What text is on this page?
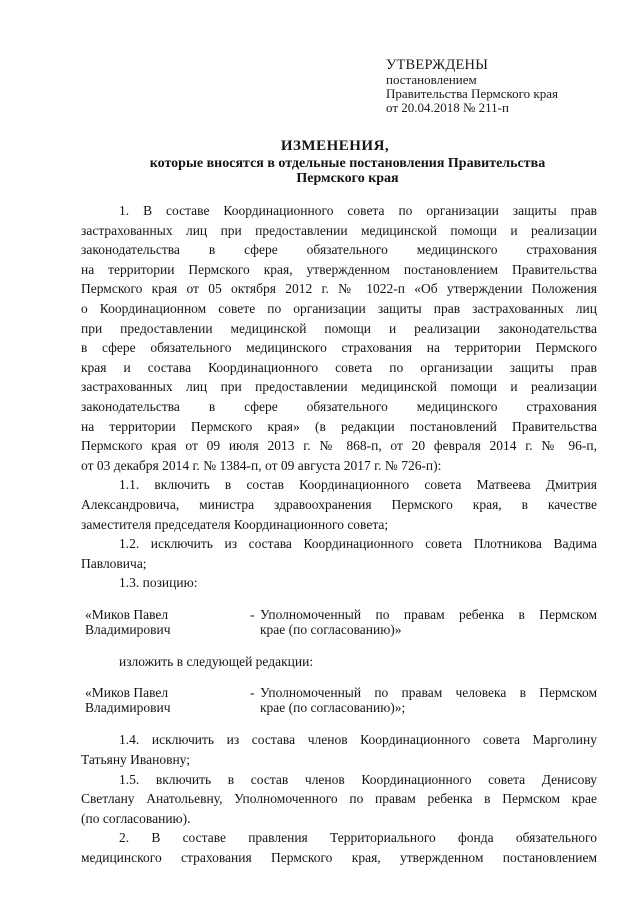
УТВЕРЖДЕНЫ
постановлением
Правительства Пермского края
от 20.04.2018 № 211-п
ИЗМЕНЕНИЯ,
которые вносятся в отдельные постановления Правительства
Пермского края

1. В составе Координационного совета по организации защиты прав

застрахованных лиц при предоставлении медицинской помощи и реализации

законодательства в сфере обязательного медицинского страхования

на территории Пермского края, утвержденном постановлением Правительства

Пермского края от 05 октября 2012 г. № 1022-п «Об утверждении Положения

о Координационном совете по организации защиты прав застрахованных лиц

при предоставлении медицинской помощи и реализации законодательства

в сфере обязательного медицинского страхования на территории Пермского

края и состава Координационного совета по организации защиты прав

застрахованных лиц при предоставлении медицинской помощи и реализации

законодательства в сфере обязательного медицинского страхования

на территории Пермского края» (в редакции постановлений Правительства

Пермского края от 09 июля 2013 г. № 868-п, от 20 февраля 2014 г. № 96-п,

от 03 декабря 2014 г. № 1384-п, от 09 августа 2017 г. № 726-п):

1.1. включить в состав Координационного совета Матвеева Дмитрия

Александровича, министра здравоохранения Пермского края, в качестве

заместителя председателя Координационного совета;

1.2. исключить из состава Координационного совета Плотникова Вадима

Павловича;

1.3. позицию:

«Миков Павел
Владимирович
- Уполномоченный по правам ребенка в Пермском
крае (по согласованию)»

изложить в следующей редакции:

«Миков Павел
Владимирович
- Уполномоченный по правам человека в Пермском
крае (по согласованию)»;

1.4. исключить из состава членов Координационного совета Марголину

Татьяну Ивановну;

1.5. включить в состав членов Координационного совета Денисову

Светлану Анатольевну, Уполномоченного по правам ребенка в Пермском крае

(по согласованию).

2. В составе правления Территориального фонда обязательного

медицинского страхования Пермского края, утвержденном постановлением
